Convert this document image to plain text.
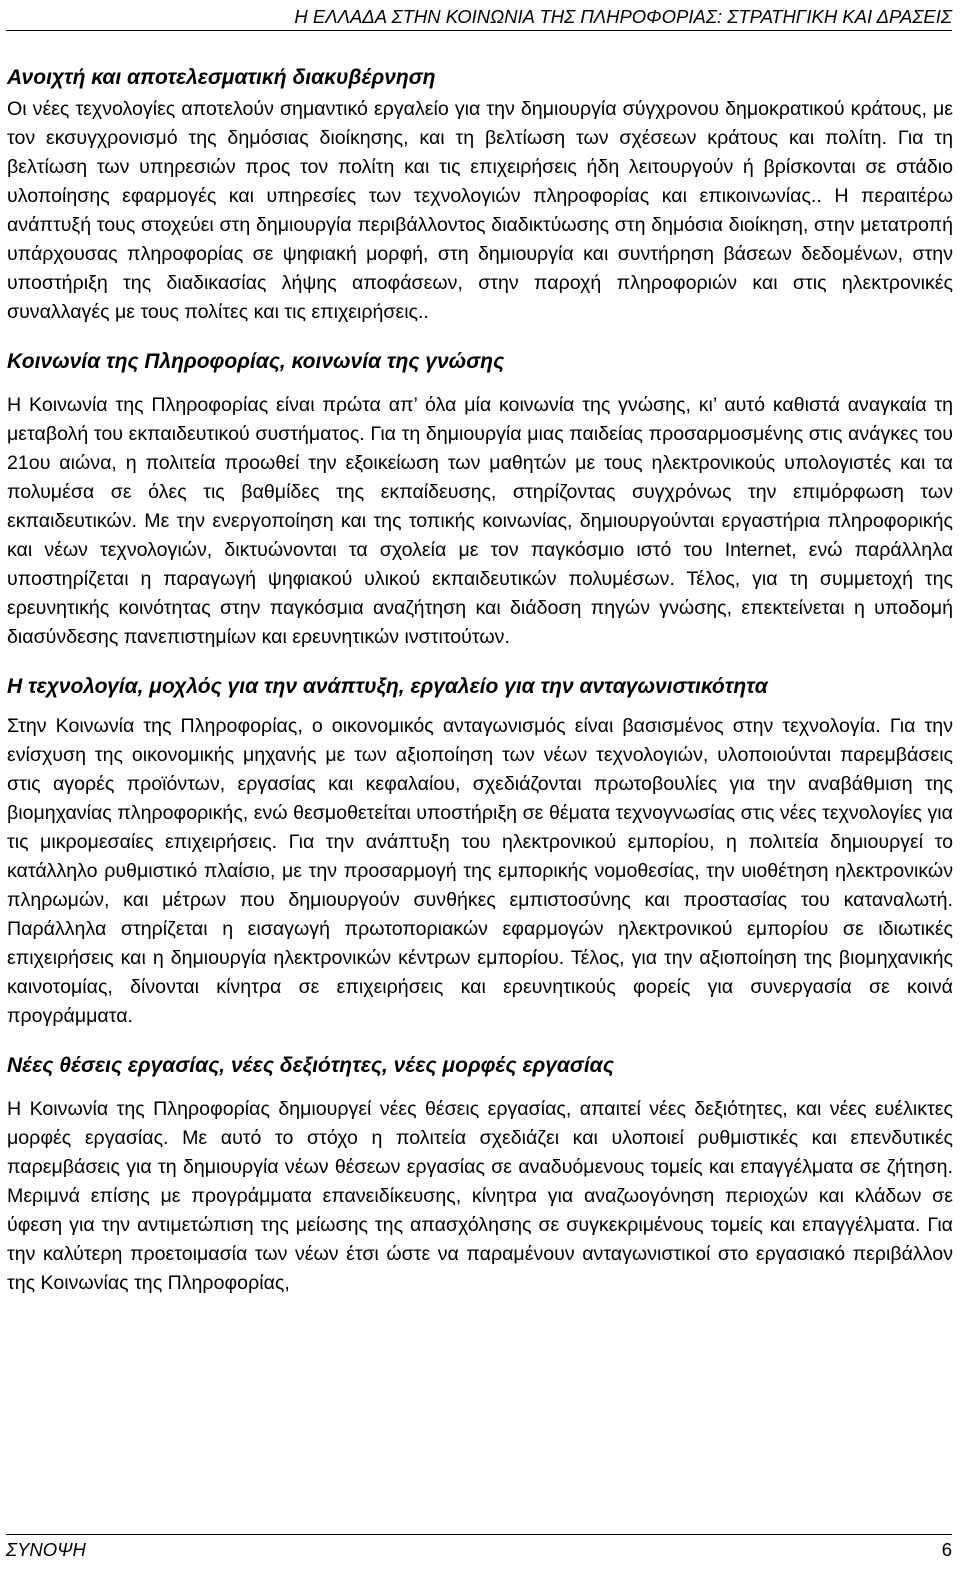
Η ΕΛΛΑΔΑ ΣΤΗΝ ΚΟΙΝΩΝΙΑ ΤΗΣ ΠΛΗΡΟΦΟΡΙΑΣ: ΣΤΡΑΤΗΓΙΚΗ ΚΑΙ ΔΡΑΣΕΙΣ
Ανοιχτή και αποτελεσματική διακυβέρνηση

Οι νέες τεχνολογίες αποτελούν σημαντικό εργαλείο για την δημιουργία σύγχρονου δημοκρατικού κράτους, με τον εκσυγχρονισμό της δημόσιας διοίκησης, και τη βελτίωση των σχέσεων κράτους και πολίτη. Για τη βελτίωση των υπηρεσιών προς τον πολίτη και τις επιχειρήσεις ήδη λειτουργούν ή βρίσκονται σε στάδιο υλοποίησης εφαρμογές και υπηρεσίες των τεχνολογιών πληροφορίας και επικοινωνίας.. Η περαιτέρω ανάπτυξή τους στοχεύει στη δημιουργία περιβάλλοντος διαδικτύωσης στη δημόσια διοίκηση, στην μετατροπή υπάρχουσας πληροφορίας σε ψηφιακή μορφή, στη δημιουργία και συντήρηση βάσεων δεδομένων, στην υποστήριξη της διαδικασίας λήψης αποφάσεων, στην παροχή πληροφοριών και στις ηλεκτρονικές συναλλαγές με τους πολίτες και τις επιχειρήσεις..

Κοινωνία της Πληροφορίας, κοινωνία της γνώσης

Η Κοινωνία της Πληροφορίας είναι πρώτα απ’ όλα μία κοινωνία της γνώσης, κι’ αυτό καθιστά αναγκαία τη μεταβολή του εκπαιδευτικού συστήματος. Για τη δημιουργία μιας παιδείας προσαρμοσμένης στις ανάγκες του 21ου αιώνα, η πολιτεία προωθεί την εξοικείωση των μαθητών με τους ηλεκτρονικούς υπολογιστές και τα πολυμέσα σε όλες τις βαθμίδες της εκπαίδευσης, στηρίζοντας συγχρόνως την επιμόρφωση των εκπαιδευτικών. Με την ενεργοποίηση και της τοπικής κοινωνίας, δημιουργούνται εργαστήρια πληροφορικής και νέων τεχνολογιών, δικτυώνονται τα σχολεία με τον παγκόσμιο ιστό του Internet, ενώ παράλληλα υποστηρίζεται η παραγωγή ψηφιακού υλικού εκπαιδευτικών πολυμέσων. Τέλος, για τη συμμετοχή της ερευνητικής κοινότητας στην παγκόσμια αναζήτηση και διάδοση πηγών γνώσης, επεκτείνεται η υποδομή διασύνδεσης πανεπιστημίων και ερευνητικών ινστιτούτων.

Η τεχνολογία, μοχλός για την ανάπτυξη, εργαλείο για την ανταγωνιστικότητα

Στην Κοινωνία της Πληροφορίας, ο οικονομικός ανταγωνισμός είναι βασισμένος στην τεχνολογία. Για την ενίσχυση της οικονομικής μηχανής με των αξιοποίηση των νέων τεχνολογιών, υλοποιούνται παρεμβάσεις στις αγορές προϊόντων, εργασίας και κεφαλαίου, σχεδιάζονται πρωτοβουλίες για την αναβάθμιση της βιομηχανίας πληροφορικής, ενώ θεσμοθετείται υποστήριξη σε θέματα τεχνογνωσίας στις νέες τεχνολογίες για τις μικρομεσαίες επιχειρήσεις. Για την ανάπτυξη του ηλεκτρονικού εμπορίου, η πολιτεία δημιουργεί το κατάλληλο ρυθμιστικό πλαίσιο, με την προσαρμογή της εμπορικής νομοθεσίας, την υιοθέτηση ηλεκτρονικών πληρωμών, και μέτρων που δημιουργούν συνθήκες εμπιστοσύνης και προστασίας του καταναλωτή. Παράλληλα στηρίζεται η εισαγωγή πρωτοποριακών εφαρμογών ηλεκτρονικού εμπορίου σε ιδιωτικές επιχειρήσεις και η δημιουργία ηλεκτρονικών κέντρων εμπορίου. Τέλος, για την αξιοποίηση της βιομηχανικής καινοτομίας, δίνονται κίνητρα σε επιχειρήσεις και ερευνητικούς φορείς για συνεργασία σε κοινά προγράμματα.

Νέες θέσεις εργασίας, νέες δεξιότητες, νέες μορφές εργασίας

Η Κοινωνία της Πληροφορίας δημιουργεί νέες θέσεις εργασίας, απαιτεί νέες δεξιότητες, και νέες ευέλικτες μορφές εργασίας. Με αυτό το στόχο η πολιτεία σχεδιάζει και υλοποιεί ρυθμιστικές και επενδυτικές παρεμβάσεις για τη δημιουργία νέων θέσεων εργασίας σε αναδυόμενους τομείς και επαγγέλματα σε ζήτηση. Μεριμνά επίσης με προγράμματα επανειδίκευσης, κίνητρα για αναζωογόνηση περιοχών και κλάδων σε ύφεση για την αντιμετώπιση της μείωσης της απασχόλησης σε συγκεκριμένους τομείς και επαγγέλματα. Για την καλύτερη προετοιμασία των νέων έτσι ώστε να παραμένουν ανταγωνιστικοί στο εργασιακό περιβάλλον της Κοινωνίας της Πληροφορίας,

ΣΥΝΟΨΗ	6
